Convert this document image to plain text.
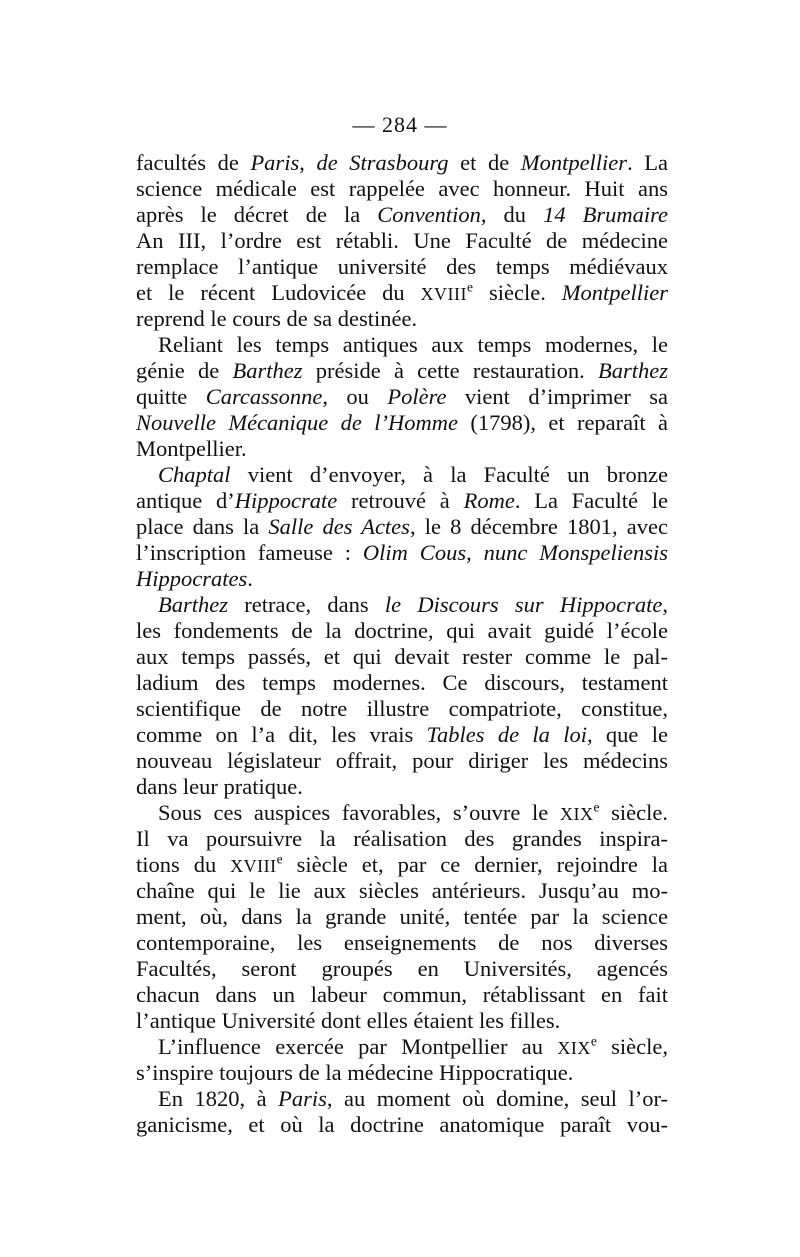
— 284 —
facultés de Paris, de Strasbourg et de Montpellier. La
science médicale est rappelée avec honneur. Huit ans
après le décret de la Convention, du 14 Brumaire
An III, l’ordre est rétabli. Une Faculté de médecine
remplace l’antique université des temps médiévaux
et le récent Ludovicée du XVIIIe siècle. Montpellier
reprend le cours de sa destinée.
Reliant les temps antiques aux temps modernes, le
génie de Barthez préside à cette restauration. Barthez
quitte Carcassonne, ou Polère vient d’imprimer sa
Nouvelle Mécanique de l’Homme (1798), et reparaît à
Montpellier.
Chaptal vient d’envoyer, à la Faculté un bronze
antique d’Hippocrate retrouvé à Rome. La Faculté le
place dans la Salle des Actes, le 8 décembre 1801, avec
l’inscription fameuse : Olim Cous, nunc Monspeliensis
Hippocrates.
Barthez retrace, dans le Discours sur Hippocrate,
les fondements de la doctrine, qui avait guidé l’école
aux temps passés, et qui devait rester comme le pal-
ladium des temps modernes. Ce discours, testament
scientifique de notre illustre compatriote, constitue,
comme on l’a dit, les vrais Tables de la loi, que le
nouveau législateur offrait, pour diriger les médecins
dans leur pratique.
Sous ces auspices favorables, s’ouvre le XIXe siècle.
Il va poursuivre la réalisation des grandes inspira-
tions du XVIIIe siècle et, par ce dernier, rejoindre la
chaîne qui le lie aux siècles antérieurs. Jusqu’au mo-
ment, où, dans la grande unité, tentée par la science
contemporaine, les enseignements de nos diverses
Facultés, seront groupés en Universités, agencés
chacun dans un labeur commun, rétablissant en fait
l’antique Université dont elles étaient les filles.
L’influence exercée par Montpellier au XIXe siècle,
s’inspire toujours de la médecine Hippocratique.
En 1820, à Paris, au moment où domine, seul l’or-
ganicisme, et où la doctrine anatomique paraît vou-
